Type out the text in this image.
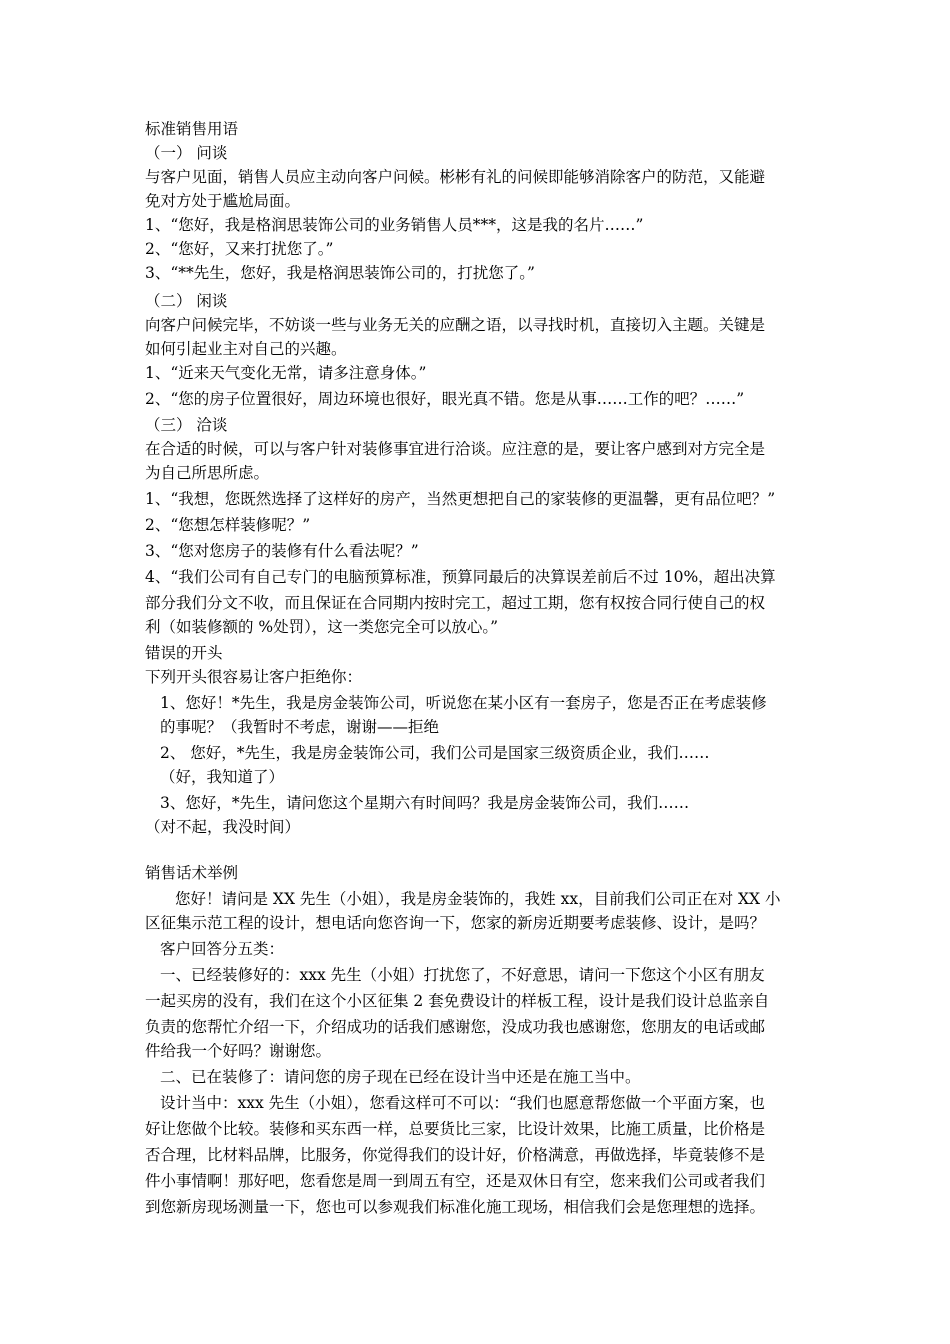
标准销售用语
（一） 问谈
与客户见面，销售人员应主动向客户问候。彬彬有礼的问候即能够消除客户的防范，又能避
免对方处于尴尬局面。
1、“您好，我是格润思装饰公司的业务销售人员***，这是我的名片……”
2、“您好，又来打扰您了。”
3、“**先生，您好，我是格润思装饰公司的，打扰您了。”
（二） 闲谈
向客户问候完毕，不妨谈一些与业务无关的应酬之语，以寻找时机，直接切入主题。关键是
如何引起业主对自己的兴趣。
1、“近来天气变化无常，请多注意身体。”
2、“您的房子位置很好，周边环境也很好，眼光真不错。您是从事……工作的吧？……”
（三） 洽谈
在合适的时候，可以与客户针对装修事宜进行洽谈。应注意的是，要让客户感到对方完全是
为自己所思所虑。
1、“我想，您既然选择了这样好的房产，当然更想把自己的家装修的更温馨，更有品位吧？”
2、“您想怎样装修呢？”
3、“您对您房子的装修有什么看法呢？”
4、“我们公司有自己专门的电脑预算标准，预算同最后的决算误差前后不过 10%，超出决算
部分我们分文不收，而且保证在合同期内按时完工，超过工期，您有权按合同行使自己的权
利（如装修额的 %处罚），这一类您完全可以放心。”
错误的开头
下列开头很容易让客户拒绝你：
1、您好！*先生，我是房金装饰公司，听说您在某小区有一套房子，您是否正在考虑装修
的事呢？（我暂时不考虑，谢谢——拒绝
2、 您好，*先生，我是房金装饰公司，我们公司是国家三级资质企业，我们……
（好，我知道了）
3、您好，*先生，请问您这个星期六有时间吗？我是房金装饰公司，我们……
（对不起，我没时间）
销售话术举例
您好！请问是 XX 先生（小姐），我是房金装饰的，我姓 xx，目前我们公司正在对 XX 小
区征集示范工程的设计，想电话向您咨询一下，您家的新房近期要考虑装修、设计，是吗？
客户回答分五类：
一、已经装修好的：xxx 先生（小姐）打扰您了，不好意思，请问一下您这个小区有朋友
一起买房的没有，我们在这个小区征集 2 套免费设计的样板工程，设计是我们设计总监亲自
负责的您帮忙介绍一下，介绍成功的话我们感谢您，没成功我也感谢您，您朋友的电话或邮
件给我一个好吗？谢谢您。
二、已在装修了：请问您的房子现在已经在设计当中还是在施工当中。
设计当中：xxx 先生（小姐），您看这样可不可以：“我们也愿意帮您做一个平面方案，也
好让您做个比较。装修和买东西一样，总要货比三家，比设计效果，比施工质量，比价格是
否合理，比材料品牌，比服务，你觉得我们的设计好，价格满意，再做选择，毕竟装修不是
件小事情啊！那好吧，您看您是周一到周五有空，还是双休日有空，您来我们公司或者我们
到您新房现场测量一下，您也可以参观我们标准化施工现场，相信我们会是您理想的选择。
